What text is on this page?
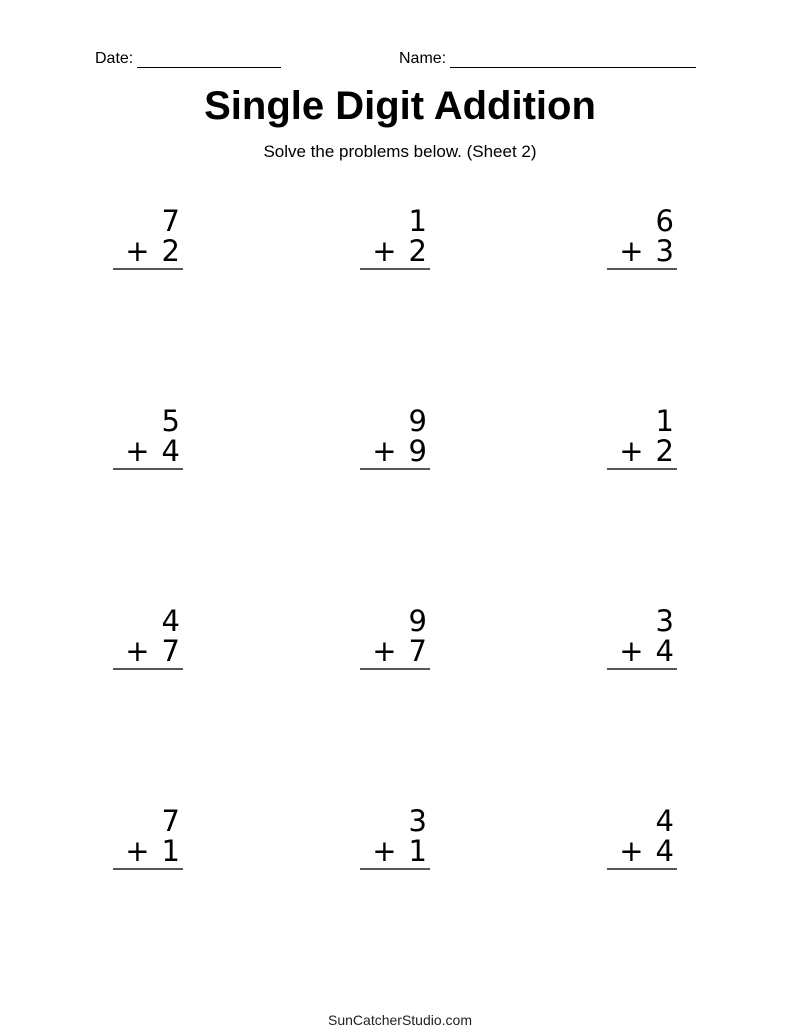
Date:	Name:
Single Digit Addition

Solve the problems below. (Sheet 2)

7
+ 2
1
+ 2
6
+ 3
5
+ 4
9
+ 9
1
+ 2
4
+ 7
9
+ 7
3
+ 4
7
+ 1
3
+ 1
4
+ 4
SunCatcherStudio.com
